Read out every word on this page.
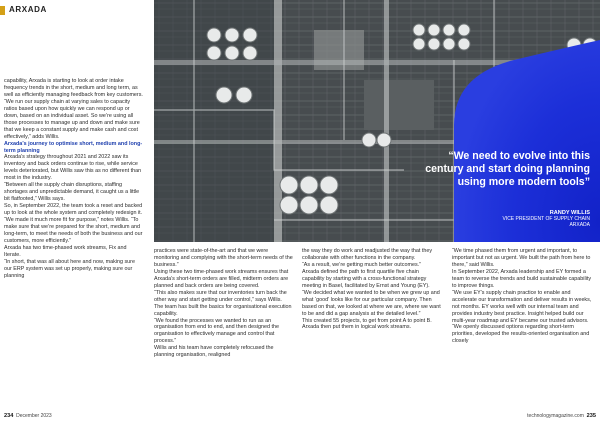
ARXADA
“We need to evolve into this century and start doing planning using more modern tools”
RANDY WILLIS
VICE PRESIDENT OF SUPPLY CHAIN
ARXADA

capability, Arxada is starting to look at order intake frequency trends in the short, medium and long term, as well as efficiently managing feedback from key customers.

“We run our supply chain at varying sales to capacity ratios based upon how quickly we can respond up or down, based on an individual asset. So we’re using all those processes to manage up and down and make sure that we keep a constant supply and make cash and cost effectively,” adds Willis.

Arxada’s journey to optimise short, medium and long-term planning

Arxada’s strategy throughout 2021 and 2022 saw its inventory and back orders continue to rise, while service levels deteriorated, but Willis saw this as no different than most in the industry.

“Between all the supply chain disruptions, staffing shortages and unpredictable demand, it caught us a little bit flatfooted,” Willis says.

So, in September 2022, the team took a reset and backed up to look at the whole system and completely redesign it.

“We made it much more fit for purpose,” notes Willis. “To make sure that we’re prepared for the short, medium and long-term, to meet the needs of both the business and our customers, more efficiently.”

Arxada has two time-phased work streams, Fix and Iterate.

“In short, that was all about here and now, making sure our ERP system was set up properly, making sure our planning

practices were state-of-the-art and that we were monitoring and complying with the short-term needs of the business.”

Using these two time-phased work streams ensures that Arxada’s short-term orders are filled, midterm orders are planned and back orders are being covered.

“This also makes sure that our inventories turn back the other way and start getting under control,” says Willis.

The team has built the basics for organisational execution capability.

“We found the processes we wanted to run as an organisation from end to end, and then designed the organisation to effectively manage and control that process.”

Willis and his team have completely refocused the planning organisation, realigned

the way they do work and readjusted the way that they collaborate with other functions in the company.

“As a result, we’re getting much better outcomes.”

Arxada defined the path to first quartile five chain capability by starting with a cross-functional strategy meeting in Basel, facilitated by Ernst and Young (EY).

“We decided what we wanted to be when we grew up and what ‘good’ looks like for our particular company. Then based on that, we looked at where we are, where we want to be and did a gap analysis at the detailed level.”

This created 55 projects, to get from point A to point B. Arxada then put them in logical work streams.

“We time phased them from urgent and important, to important but not as urgent. We built the path from here to there,” said Willis.

In September 2022, Arxada leadership and EY formed a team to reverse the trends and build sustainable capability to improve things.

“We use EY’s supply chain practice to enable and accelerate our transformation and deliver results in weeks, not months. EY works well with our internal team and provides industry best practice. Insight helped build our multi-year roadmap and EY became our trusted advisors.

“We openly discussed options regarding short-term priorities, developed the results-oriented organisation and closely

234 December 2023	technologymagazine.com 235
